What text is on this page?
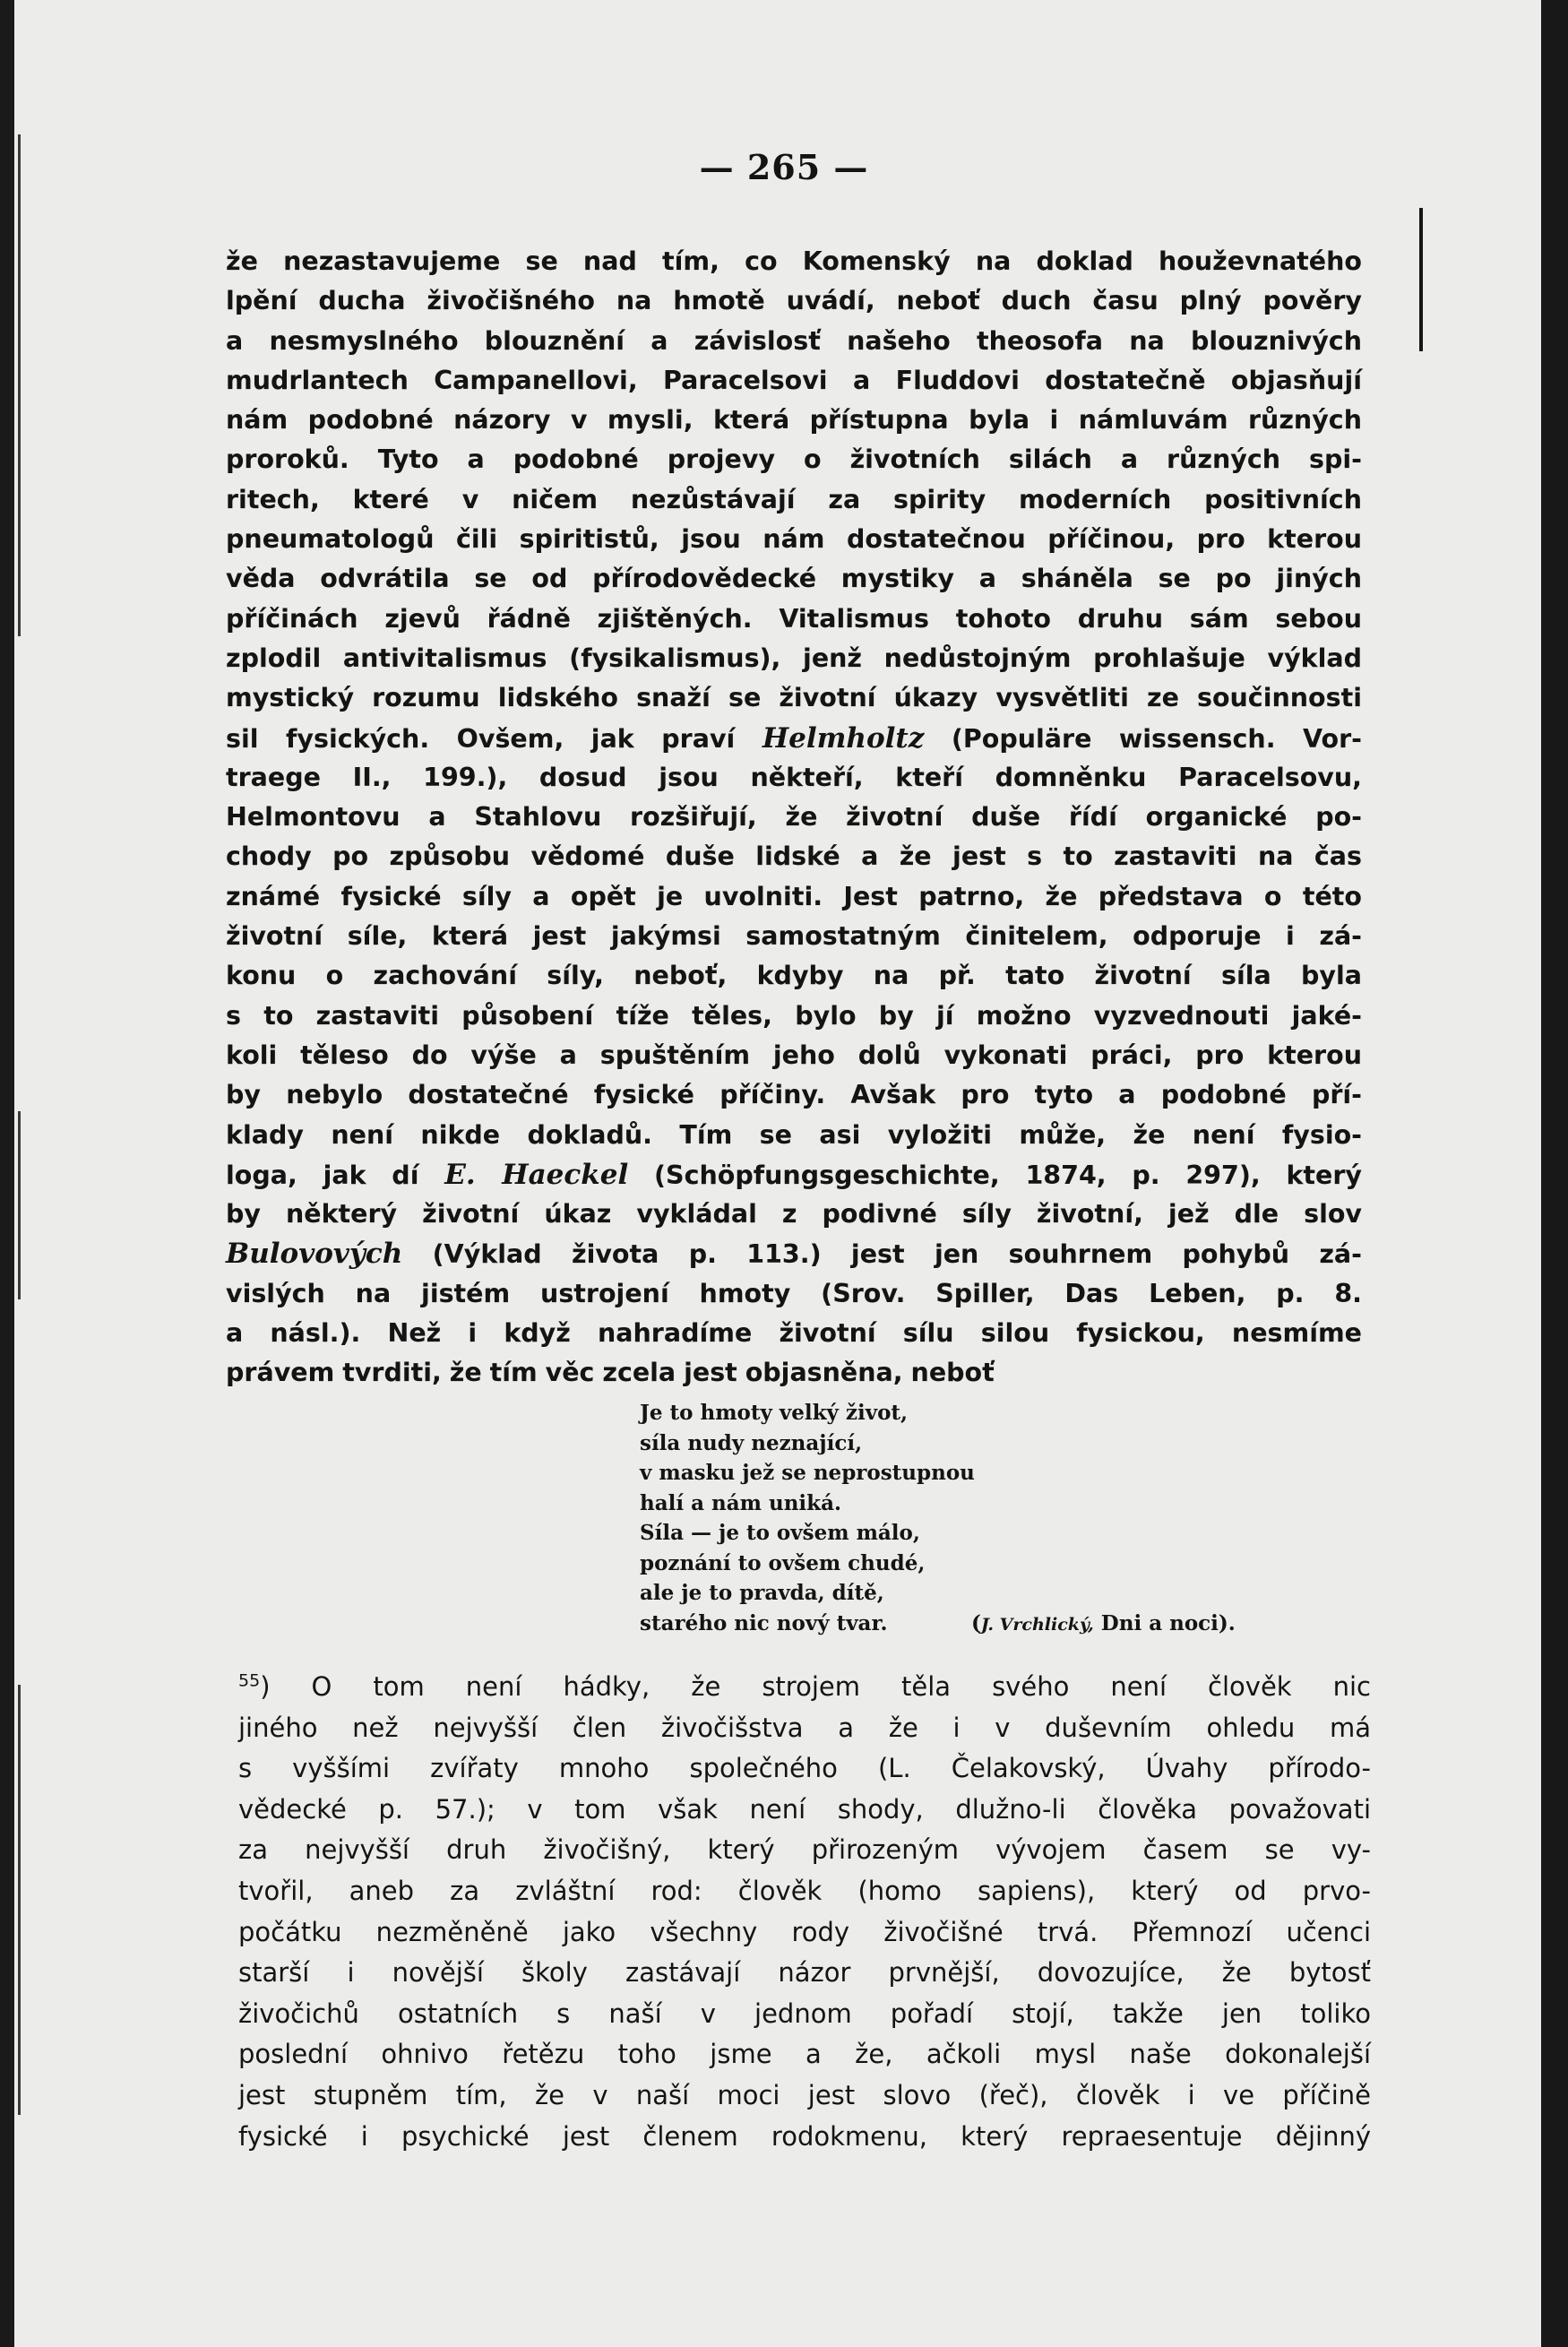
— 265 —
že nezastavujeme se nad tím, co Komenský na doklad houževnatého
lpění ducha živočišného na hmotě uvádí, neboť duch času plný pověry
a nesmyslného blouznění a závislosť našeho theosofa na blouznivých
mudrlantech Campanellovi, Paracelsovi a Fluddovi dostatečně objasňují
nám podobné názory v mysli, která přístupna byla i námluvám různých
proroků. Tyto a podobné projevy o životních silách a různých spi-
ritech, které v ničem nezůstávají za spirity moderních positivních
pneumatologů čili spiritistů, jsou nám dostatečnou příčinou, pro kterou
věda odvrátila se od přírodovědecké mystiky a sháněla se po jiných
příčinách zjevů řádně zjištěných. Vitalismus tohoto druhu sám sebou
zplodil antivitalismus (fysikalismus), jenž nedůstojným prohlašuje výklad
mystický rozumu lidského snaží se životní úkazy vysvětliti ze součinnosti
sil fysických. Ovšem, jak praví Helmholtz (Populäre wissensch. Vor-
traege II., 199.), dosud jsou někteří, kteří domněnku Paracelsovu,
Helmontovu a Stahlovu rozšiřují, že životní duše řídí organické po-
chody po způsobu vědomé duše lidské a že jest s to zastaviti na čas
známé fysické síly a opět je uvolniti. Jest patrno, že představa o této
životní síle, která jest jakýmsi samostatným činitelem, odporuje i zá-
konu o zachování síly, neboť, kdyby na př. tato životní síla byla
s to zastaviti působení tíže těles, bylo by jí možno vyzvednouti jaké-
koli těleso do výše a spuštěním jeho dolů vykonati práci, pro kterou
by nebylo dostatečné fysické příčiny. Avšak pro tyto a podobné pří-
klady není nikde dokladů. Tím se asi vyložiti může, že není fysio-
loga, jak dí E. Haeckel (Schöpfungsgeschichte, 1874, p. 297), který
by některý životní úkaz vykládal z podivné síly životní, jež dle slov
Bulovových (Výklad života p. 113.) jest jen souhrnem pohybů zá-
vislých na jistém ustrojení hmoty (Srov. Spiller, Das Leben, p. 8.
a násl.). Než i když nahradíme životní sílu silou fysickou, nesmíme
právem tvrditi, že tím věc zcela jest objasněna, neboť
Je to hmoty velký život,
síla nudy neznající,
v masku jež se neprostupnou
halí a nám uniká.
Síla — je to ovšem málo,
poznání to ovšem chudé,
ale je to pravda, dítě,
starého nic nový tvar.	(J. Vrchlický, Dni a noci).
$^{55}$) O tom není hádky, že strojem těla svého není člověk nic
jiného než nejvyšší člen živočišstva a že i v duševním ohledu má
s vyššími zvířaty mnoho společného (L. Čelakovský, Úvahy přírodo-
vědecké p. 57.); v tom však není shody, dlužno-li člověka považovati
za nejvyšší druh živočišný, který přirozeným vývojem časem se vy-
tvořil, aneb za zvláštní rod: člověk (homo sapiens), který od prvo-
počátku nezměněně jako všechny rody živočišné trvá. Přemnozí učenci
starší i novější školy zastávají názor prvnější, dovozujíce, že bytosť
živočichů ostatních s naší v jednom pořadí stojí, takže jen toliko
poslední ohnivo řetězu toho jsme a že, ačkoli mysl naše dokonalejší
jest stupněm tím, že v naší moci jest slovo (řeč), člověk i ve příčině
fysické i psychické jest členem rodokmenu, který repraesentuje dějinný
